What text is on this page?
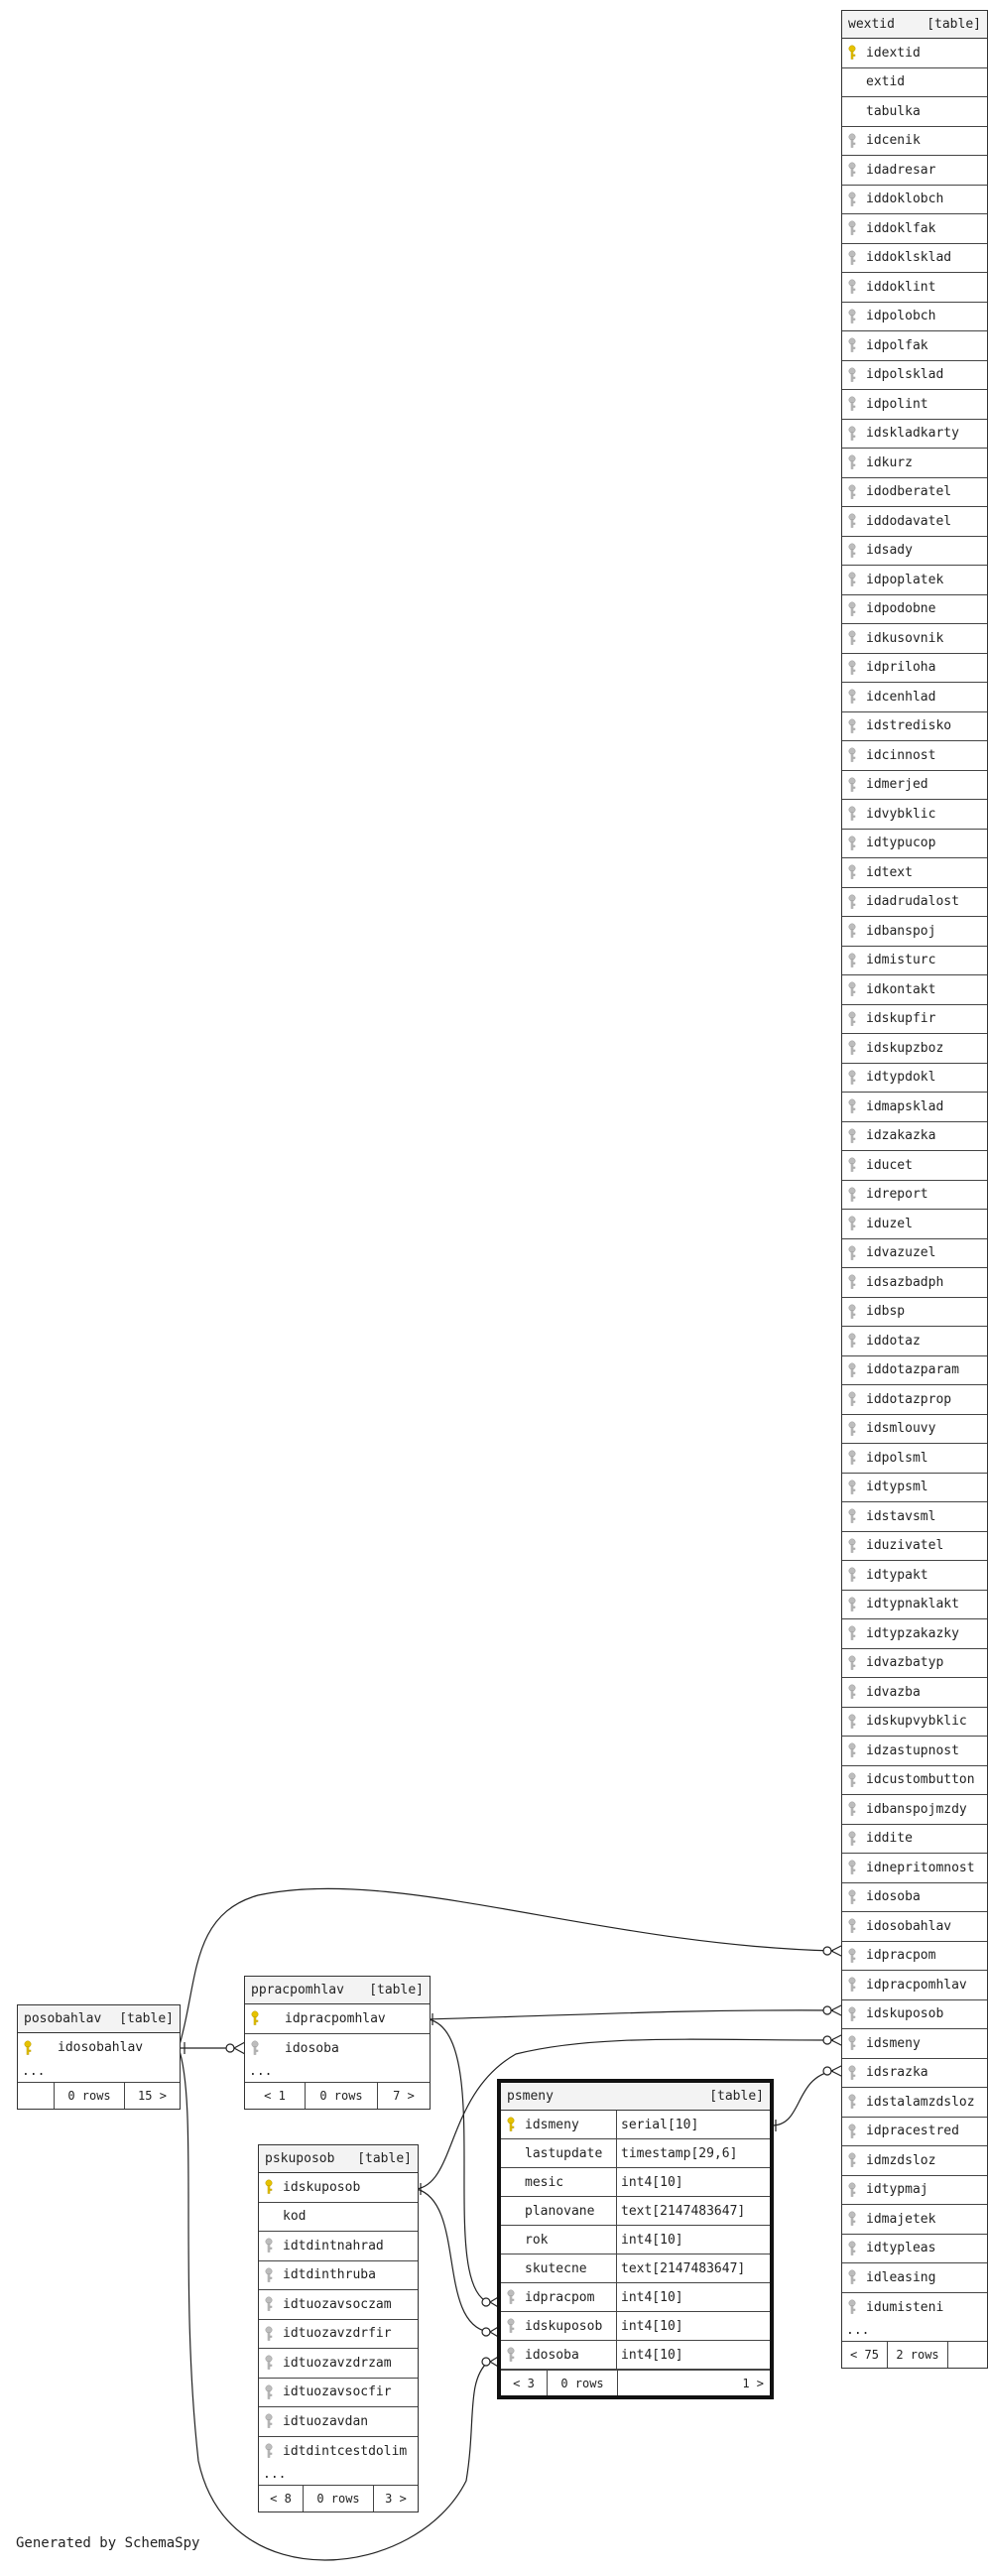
wextid [table]
idextid
extid
tabulka
idcenik
idadresar
iddoklobch
iddoklfak
iddoklsklad
iddoklint
idpolobch
idpolfak
idpolsklad
idpolint
idskladkarty
idkurz
idodberatel
iddodavatel
idsady
idpoplatek
idpodobne
idkusovnik
idpriloha
idcenhlad
idstredisko
idcinnost
idmerjed
idvybklic
idtypucop
idtext
idadrudalost
idbanspoj
idmisturc
idkontakt
idskupfir
idskupzboz
idtypdokl
idmapsklad
idzakazka
iducet
idreport
iduzel
idvazuzel
idsazbadph
idbsp
iddotaz
iddotazparam
iddotazprop
idsmlouvy
idpolsml
idtypsml
idstavsml
iduzivatel
idtypakt
idtypnaklakt
idtypzakazky
idvazbatyp
idvazba
idskupvybklic
idzastupnost
idcustombutton
idbanspojmzdy
iddite
idnepritomnost
idosoba
idosobahlav
idpracpom
idpracpomhlav
idskuposob
idsmeny
idsrazka
idstalamzdsloz
idpracestred
idmzdsloz
idtypmaj
idmajetek
idtypleas
idleasing
idumisteni
...
< 75	2 rows
posobahlav [table]
idosobahlav
...
0 rows	15 >
ppracpomhlav [table]
idpracpomhlav
idosoba
...
< 1	0 rows	7 >
pskuposob [table]
idskuposob
kod
idtdintnahrad
idtdinthruba
idtuozavsoczam
idtuozavzdrfir
idtuozavzdrzam
idtuozavsocfir
idtuozavdan
idtdintcestdolim
...
< 8	0 rows	3 >
psmeny	[table]
idsmeny	serial[10]
lastupdate	timestamp[29,6]
mesic	int4[10]
planovane	text[2147483647]
rok	int4[10]
skutecne	text[2147483647]
idpracpom	int4[10]
idskuposob	int4[10]
idosoba	int4[10]
< 3	0 rows	1 >
Generated by SchemaSpy
